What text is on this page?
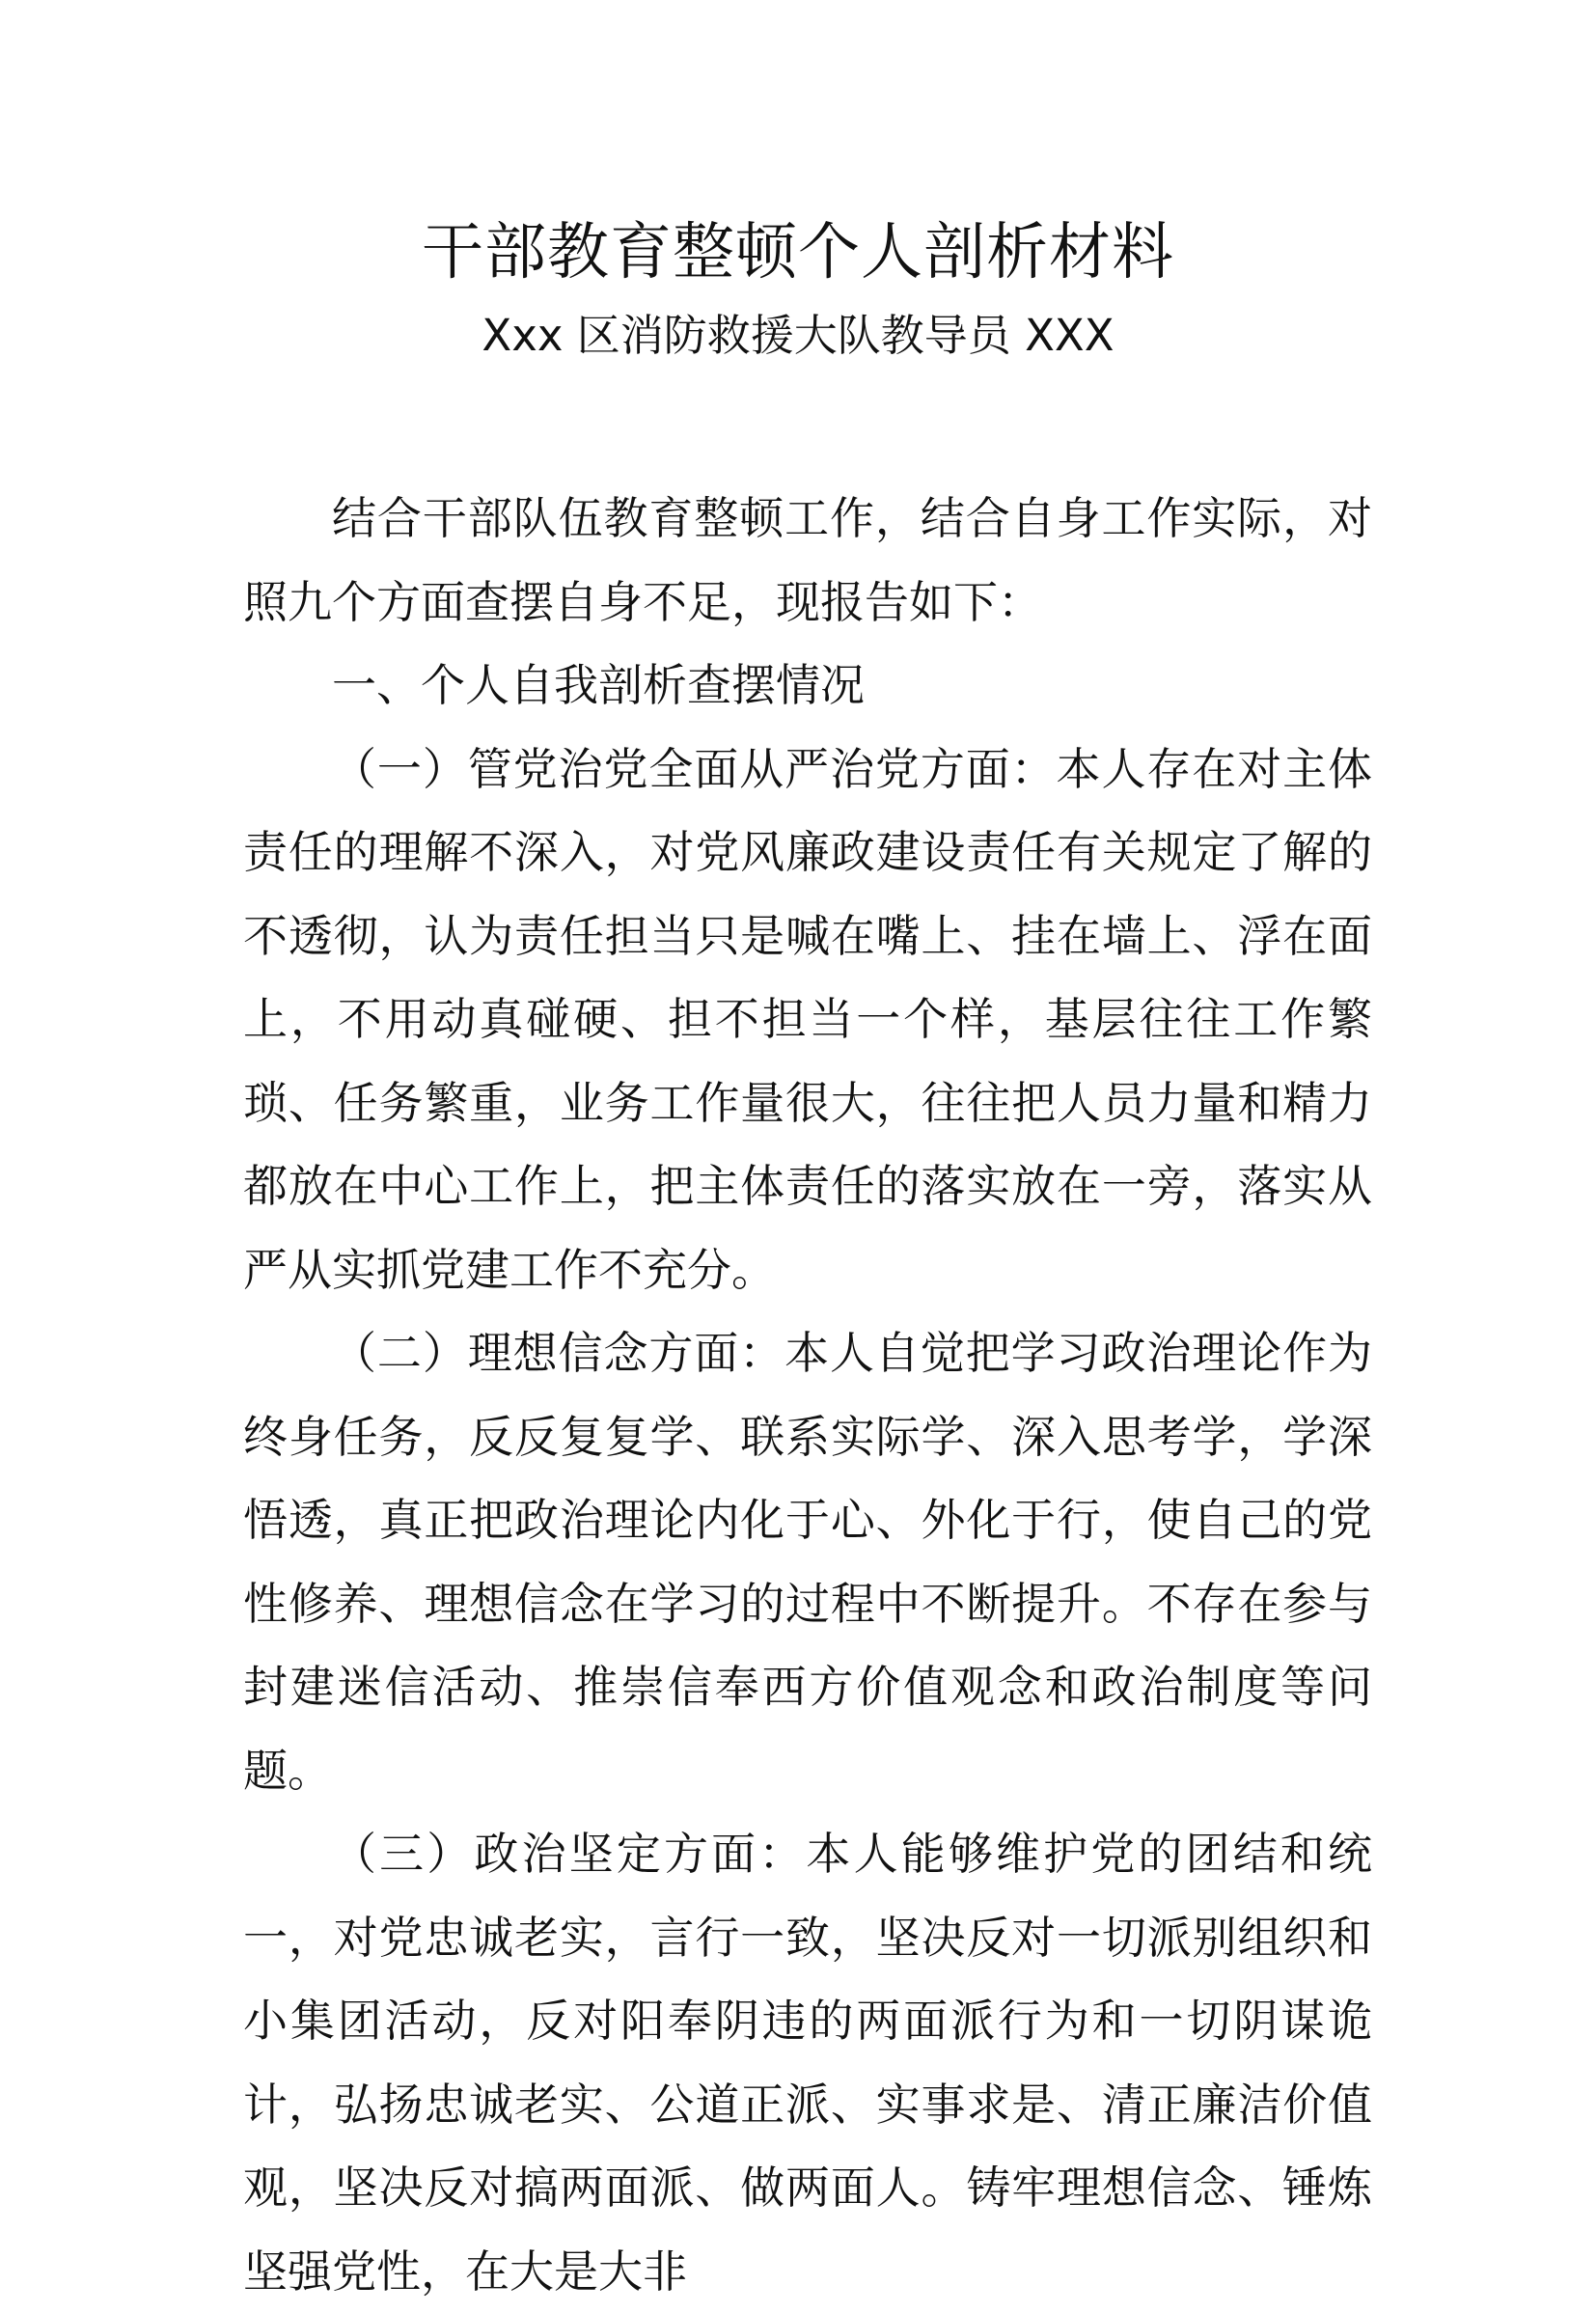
干部教育整顿个人剖析材料
Xxx 区消防救援大队教导员 XXX

结合干部队伍教育整顿工作，结合自身工作实际，对照九个方面查摆自身不足，现报告如下：

一、个人自我剖析查摆情况

（一）管党治党全面从严治党方面：本人存在对主体责任的理解不深入，对党风廉政建设责任有关规定了解的不透彻，认为责任担当只是喊在嘴上、挂在墙上、浮在面上，不用动真碰硬、担不担当一个样，基层往往工作繁琐、任务繁重，业务工作量很大，往往把人员力量和精力都放在中心工作上，把主体责任的落实放在一旁，落实从严从实抓党建工作不充分。

（二）理想信念方面：本人自觉把学习政治理论作为终身任务，反反复复学、联系实际学、深入思考学，学深悟透，真正把政治理论内化于心、外化于行，使自己的党性修养、理想信念在学习的过程中不断提升。不存在参与封建迷信活动、推崇信奉西方价值观念和政治制度等问题。

（三）政治坚定方面：本人能够维护党的团结和统一，对党忠诚老实，言行一致，坚决反对一切派别组织和小集团活动，反对阳奉阴违的两面派行为和一切阴谋诡计，弘扬忠诚老实、公道正派、实事求是、清正廉洁价值观，坚决反对搞两面派、做两面人。铸牢理想信念、锤炼坚强党性，在大是大非
